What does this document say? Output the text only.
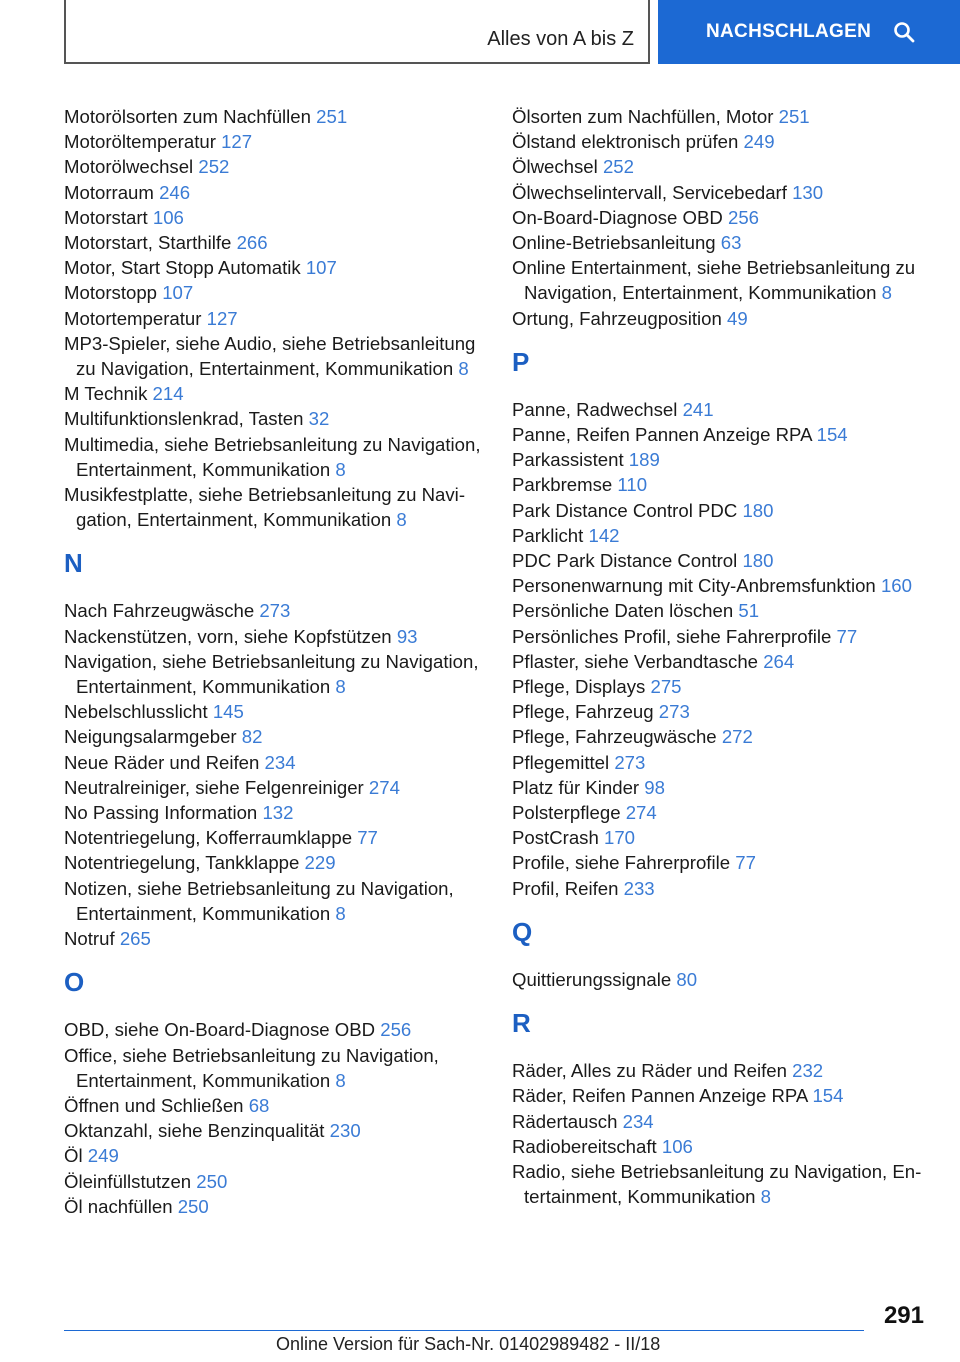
Alles von A bis Z	NACHSCHLAGEN
Motorölsorten zum Nachfüllen 251
Motoröltemperatur 127
Motorölwechsel 252
Motorraum 246
Motorstart 106
Motorstart, Starthilfe 266
Motor, Start Stopp Automatik 107
Motorstopp 107
Motortemperatur 127
MP3-Spieler, siehe Audio, siehe Betriebsanleitung zu Navigation, Entertainment, Kommunikation 8
M Technik 214
Multifunktionslenkrad, Tasten 32
Multimedia, siehe Betriebsanleitung zu Navigation, Entertainment, Kommunikation 8
Musikfestplatte, siehe Betriebsanleitung zu Navigation, Entertainment, Kommunikation 8
N
Nach Fahrzeugwäsche 273
Nackenstützen, vorn, siehe Kopfstützen 93
Navigation, siehe Betriebsanleitung zu Navigation, Entertainment, Kommunikation 8
Nebelschlusslicht 145
Neigungsalarmgeber 82
Neue Räder und Reifen 234
Neutralreiniger, siehe Felgenreiniger 274
No Passing Information 132
Notentriegelung, Kofferraumklappe 77
Notentriegelung, Tankklappe 229
Notizen, siehe Betriebsanleitung zu Navigation, Entertainment, Kommunikation 8
Notruf 265
O
OBD, siehe On-Board-Diagnose OBD 256
Office, siehe Betriebsanleitung zu Navigation, Entertainment, Kommunikation 8
Öffnen und Schließen 68
Oktanzahl, siehe Benzinqualität 230
Öl 249
Öleinfüllstutzen 250
Öl nachfüllen 250
Ölsorten zum Nachfüllen, Motor 251
Ölstand elektronisch prüfen 249
Ölwechsel 252
Ölwechselintervall, Servicebedarf 130
On-Board-Diagnose OBD 256
Online-Betriebsanleitung 63
Online Entertainment, siehe Betriebsanleitung zu Navigation, Entertainment, Kommunikation 8
Ortung, Fahrzeugposition 49
P
Panne, Radwechsel 241
Panne, Reifen Pannen Anzeige RPA 154
Parkassistent 189
Parkbremse 110
Park Distance Control PDC 180
Parklicht 142
PDC Park Distance Control 180
Personenwarnung mit City-Anbremsfunktion 160
Persönliche Daten löschen 51
Persönliches Profil, siehe Fahrerprofile 77
Pflaster, siehe Verbandtasche 264
Pflege, Displays 275
Pflege, Fahrzeug 273
Pflege, Fahrzeugwäsche 272
Pflegemittel 273
Platz für Kinder 98
Polsterpflege 274
PostCrash 170
Profile, siehe Fahrerprofile 77
Profil, Reifen 233
Q
Quittierungssignale 80
R
Räder, Alles zu Räder und Reifen 232
Räder, Reifen Pannen Anzeige RPA 154
Rädertausch 234
Radiobereitschaft 106
Radio, siehe Betriebsanleitung zu Navigation, Entertainment, Kommunikation 8
291
Online Version für Sach-Nr. 01402989482 - II/18
